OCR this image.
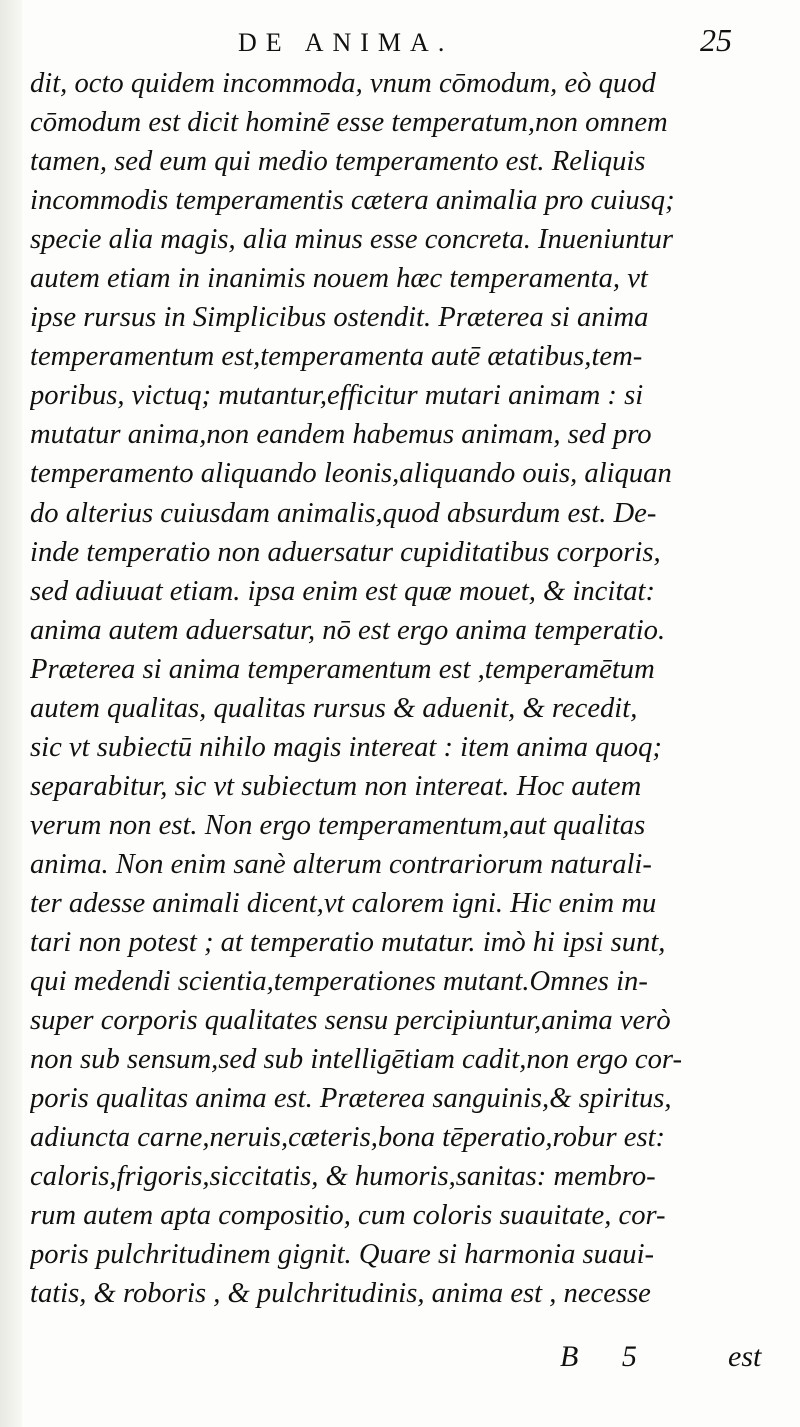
DE ANIMA.	25
dit, octo quidem incommoda, vnum cōmodum, eò quod
cōmodum est dicit hominē esse temperatum,non omnem
tamen, sed eum qui medio temperamento est. Reliquis
incommodis temperamentis cætera animalia pro cuiusq;
specie alia magis, alia minus esse concreta. Inueniuntur
autem etiam in inanimis nouem hæc temperamenta, vt
ipse rursus in Simplicibus ostendit. Præterea si anima
temperamentum est,temperamenta autē ætatibus,tem-
poribus, victuq; mutantur,efficitur mutari animam : si
mutatur anima,non eandem habemus animam, sed pro
temperamento aliquando leonis,aliquando ouis, aliquan
do alterius cuiusdam animalis,quod absurdum est. De-
inde temperatio non aduersatur cupiditatibus corporis,
sed adiuuat etiam. ipsa enim est quæ mouet, & incitat:
anima autem aduersatur, nō est ergo anima temperatio.
Præterea si anima temperamentum est ,temperamētum
autem qualitas, qualitas rursus & aduenit, & recedit,
sic vt subiectū nihilo magis intereat : item anima quoq;
separabitur, sic vt subiectum non intereat. Hoc autem
verum non est. Non ergo temperamentum,aut qualitas
anima. Non enim sanè alterum contrariorum naturali-
ter adesse animali dicent,vt calorem igni. Hic enim mu
tari non potest ; at temperatio mutatur. imò hi ipsi sunt,
qui medendi scientia,temperationes mutant.Omnes in-
super corporis qualitates sensu percipiuntur,anima verò
non sub sensum,sed sub intelligētiam cadit,non ergo cor-
poris qualitas anima est. Præterea sanguinis,& spiritus,
adiuncta carne,neruis,cæteris,bona tēperatio,robur est:
caloris,frigoris,siccitatis, & humoris,sanitas: membro-
rum autem apta compositio, cum coloris suauitate, cor-
poris pulchritudinem gignit. Quare si harmonia suaui-
tatis, & roboris , & pulchritudinis, anima est , necesse
B 5 est
